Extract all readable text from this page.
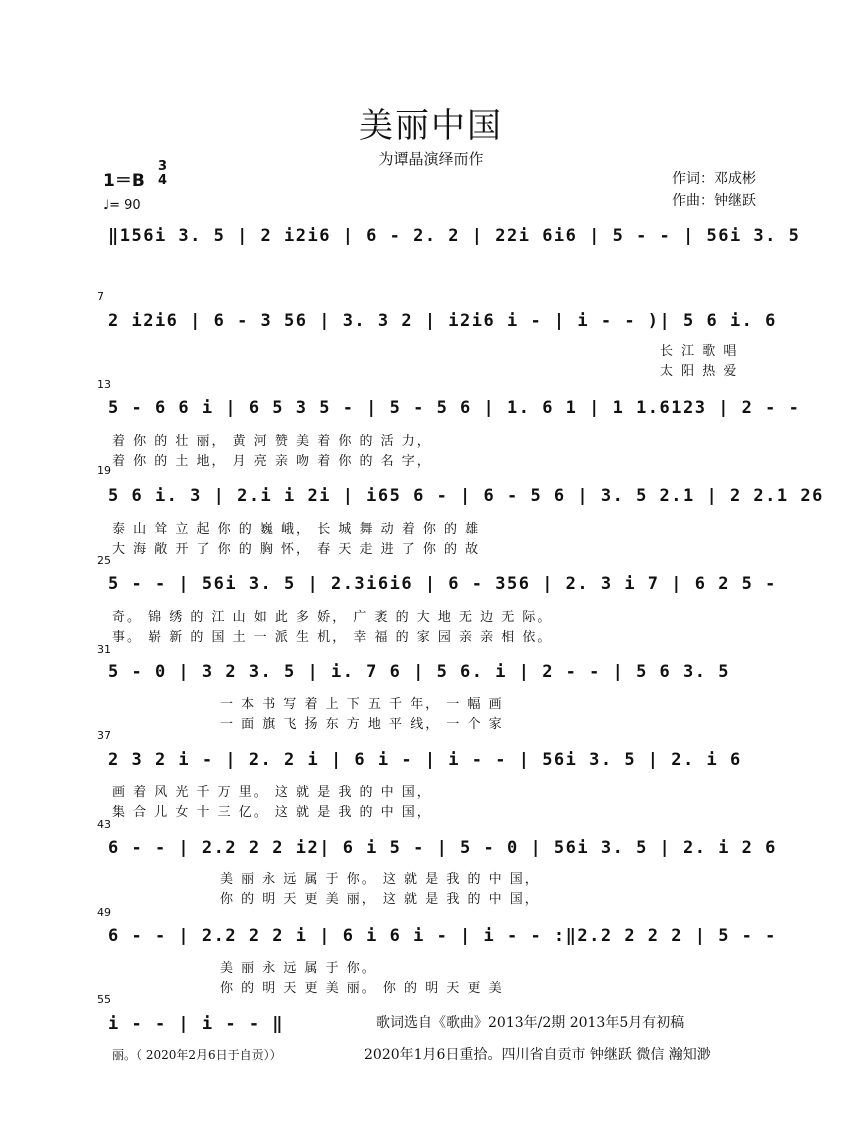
美丽中国
为谭晶演绎而作
1＝B
3
4
♩= 90
作词：邓成彬
作曲：钟继跃
‖156i 3. 5 | 2 i2i6 | 6 - 2. 2 | 22i 6i6 | 5 - - | 56i 3. 5
7
2 i2i6 | 6 - 3 56 | 3. 3 2 | i2i6 i - | i - - )| 5 6 i. 6
长 江 歌 唱
太 阳 热 爱
13
5 - 6 6 i | 6 5 3 5 - | 5 - 5 6 | 1. 6 1 | 1 1.6123 | 2 - -
着 你 的 壮 丽， 黄 河 赞 美 着 你 的 活 力，
着 你 的 土 地， 月 亮 亲 吻 着 你 的 名 字，
19
5 6 i. 3 | 2.i i 2i | i65 6 - | 6 - 5 6 | 3. 5 2.1 | 2 2.1 26
泰 山 耸 立 起 你 的 巍 峨， 长 城 舞 动 着 你 的 雄
大 海 敞 开 了 你 的 胸 怀， 春 天 走 进 了 你 的 故
25
5 - - | 56i 3. 5 | 2.3i6i6 | 6 - 356 | 2. 3 i 7 | 6 2 5 -
奇。 锦 绣 的 江 山 如 此 多 娇， 广 袤 的 大 地 无 边 无 际。
事。 崭 新 的 国 土 一 派 生 机， 幸 福 的 家 园 亲 亲 相 依。
31
5 - 0 | 3 2 3. 5 | i. 7 6 | 5 6. i | 2 - - | 5 6 3. 5
一 本 书 写 着 上 下 五 千 年， 一 幅 画
一 面 旗 飞 扬 东 方 地 平 线， 一 个 家
37
2 3 2 i - | 2. 2 i | 6 i - | i - - | 56i 3. 5 | 2. i 6
画 着 风 光 千 万 里。 这 就 是 我 的 中 国，
集 合 儿 女 十 三 亿。 这 就 是 我 的 中 国，
43
6 - - | 2.2 2 2 i2| 6 i 5 - | 5 - 0 | 56i 3. 5 | 2. i 2 6
美 丽 永 远 属 于 你。 这 就 是 我 的 中 国，
你 的 明 天 更 美 丽， 这 就 是 我 的 中 国，
49
6 - - | 2.2 2 2 i | 6 i 6 i - | i - - :‖2.2 2 2 2 | 5 - -
美 丽 永 远 属 于 你。
你 的 明 天 更 美 丽。 你 的 明 天 更 美
55
i - - | i - - ‖	歌词选自《歌曲》2013年/2期 2013年5月有初稿
2020年1月6日重拾。四川省自贡市 钟继跃 微信 瀚知渺
丽。（ 2020年2月6日于自贡））
